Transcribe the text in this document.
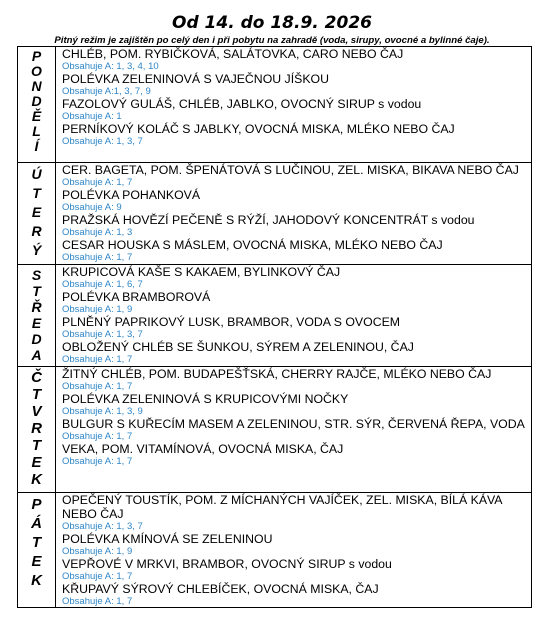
Od 14. do 18.9. 2026
Pitný režim je zajištěn po celý den i při pobytu na zahradě (voda, sirupy, ovocné a bylinné čaje).
P
O
N
D
Ě
L
Í
CHLÉB, POM. RYBIČKOVÁ, SALÁTOVKA, CARO NEBO ČAJ
Obsahuje A: 1, 3, 4, 10
POLÉVKA ZELENINOVÁ S VAJEČNOU JÍŠKOU
Obsahuje A:1, 3, 7, 9
FAZOLOVÝ GULÁŠ, CHLÉB, JABLKO, OVOCNÝ SIRUP s vodou
Obsahuje A: 1
PERNÍKOVÝ KOLÁČ S JABLKY, OVOCNÁ MISKA, MLÉKO NEBO ČAJ
Obsahuje A: 1, 3, 7
Ú
T
E
R
Ý
CER. BAGETA, POM. ŠPENÁTOVÁ S LUČINOU, ZEL. MISKA, BIKAVA NEBO ČAJ
Obsahuje A: 1, 7
POLÉVKA POHANKOVÁ
Obsahuje A: 9
PRAŽSKÁ HOVĚZÍ PEČENĚ S RÝŽÍ, JAHODOVÝ KONCENTRÁT s vodou
Obsahuje A: 1, 3
CESAR HOUSKA S MÁSLEM, OVOCNÁ MISKA, MLÉKO NEBO ČAJ
Obsahuje A: 1, 7
S
T
Ř
E
D
A
KRUPICOVÁ KAŠE S KAKAEM, BYLINKOVÝ ČAJ
Obsahuje A: 1, 6, 7
POLÉVKA BRAMBOROVÁ
Obsahuje A: 1, 9
PLNĚNÝ PAPRIKOVÝ LUSK, BRAMBOR, VODA S OVOCEM
Obsahuje A: 1, 3, 7
OBLOŽENÝ CHLÉB SE ŠUNKOU, SÝREM A ZELENINOU, ČAJ
Obsahuje A: 1, 7
Č
T
V
R
T
E
K
ŽITNÝ CHLÉB, POM. BUDAPEŠŤSKÁ, CHERRY RAJČE, MLÉKO NEBO ČAJ
Obsahuje A: 1, 7
POLÉVKA ZELENINOVÁ S KRUPICOVÝMI NOČKY
Obsahuje A: 1, 3, 9
BULGUR S KUŘECÍM MASEM A ZELENINOU, STR. SÝR, ČERVENÁ ŘEPA, VODA
Obsahuje A: 1, 7
VEKA, POM. VITAMÍNOVÁ, OVOCNÁ MISKA, ČAJ
Obsahuje A: 1, 7
P
Á
T
E
K
OPEČENÝ TOUSTÍK, POM. Z MÍCHANÝCH VAJÍČEK, ZEL. MISKA, BÍLÁ KÁVA NEBO ČAJ
Obsahuje A: 1, 3, 7
POLÉVKA KMÍNOVÁ SE ZELENINOU
Obsahuje A: 1, 9
VEPŘOVÉ V MRKVI, BRAMBOR, OVOCNÝ SIRUP s vodou
Obsahuje A: 1, 7
KŘUPAVÝ SÝROVÝ CHLEBÍČEK, OVOCNÁ MISKA, ČAJ
Obsahuje A: 1, 7
